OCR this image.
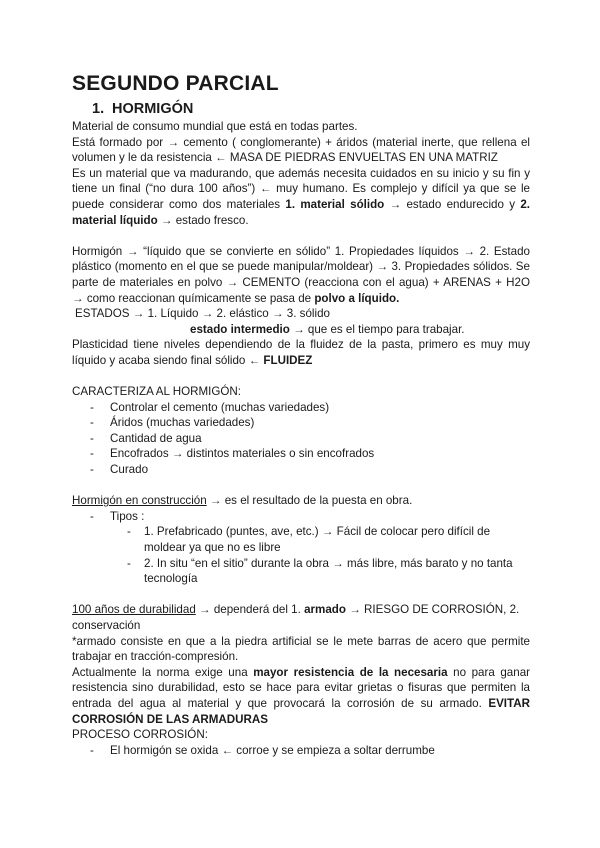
SEGUNDO PARCIAL
1. HORMIGÓN

Material de consumo mundial que está en todas partes.

Está formado por → cemento ( conglomerante) + áridos (material inerte, que rellena el volumen y le da resistencia ← MASA DE PIEDRAS ENVUELTAS EN UNA MATRIZ

Es un material que va madurando, que además necesita cuidados en su inicio y su fin y tiene un final (“no dura 100 años”) ← muy humano. Es complejo y difícil ya que se le puede considerar como dos materiales 1. material sólido → estado endurecido y 2. material líquido → estado fresco.

Hormigón → “líquido que se convierte en sólido” 1. Propiedades líquidos → 2. Estado plástico (momento en el que se puede manipular/moldear) → 3. Propiedades sólidos. Se parte de materiales en polvo → CEMENTO (reacciona con el agua) + ARENAS + H2O → como reaccionan químicamente se pasa de polvo a líquido.

ESTADOS → 1. Líquido → 2. elástico → 3. sólido

estado intermedio → que es el tiempo para trabajar.

Plasticidad tiene niveles dependiendo de la fluidez de la pasta, primero es muy muy líquido y acaba siendo final sólido ← FLUIDEZ

CARACTERIZA AL HORMIGÓN:

- Controlar el cemento (muchas variedades)
- Áridos (muchas variedades)
- Cantidad de agua
- Encofrados → distintos materiales o sin encofrados
- Curado

Hormigón en construcción → es el resultado de la puesta en obra.

- Tipos :

- 1. Prefabricado (puntes, ave, etc.) → Fácil de colocar pero difícil de moldear ya que no es libre
- 2. In situ “en el sitio” durante la obra → más libre, más barato y no tanta tecnología

100 años de durabilidad → dependerá del 1. armado → RIESGO DE CORROSIÓN, 2. conservación

*armado consiste en que a la piedra artificial se le mete barras de acero que permite trabajar en tracción-compresión.

Actualmente la norma exige una mayor resistencia de la necesaria no para ganar resistencia sino durabilidad, esto se hace para evitar grietas o fisuras que permiten la entrada del agua al material y que provocará la corrosión de su armado. EVITAR CORROSIÓN DE LAS ARMADURAS

PROCESO CORROSIÓN:

- El hormigón se oxida ← corroe y se empieza a soltar derrumbe
